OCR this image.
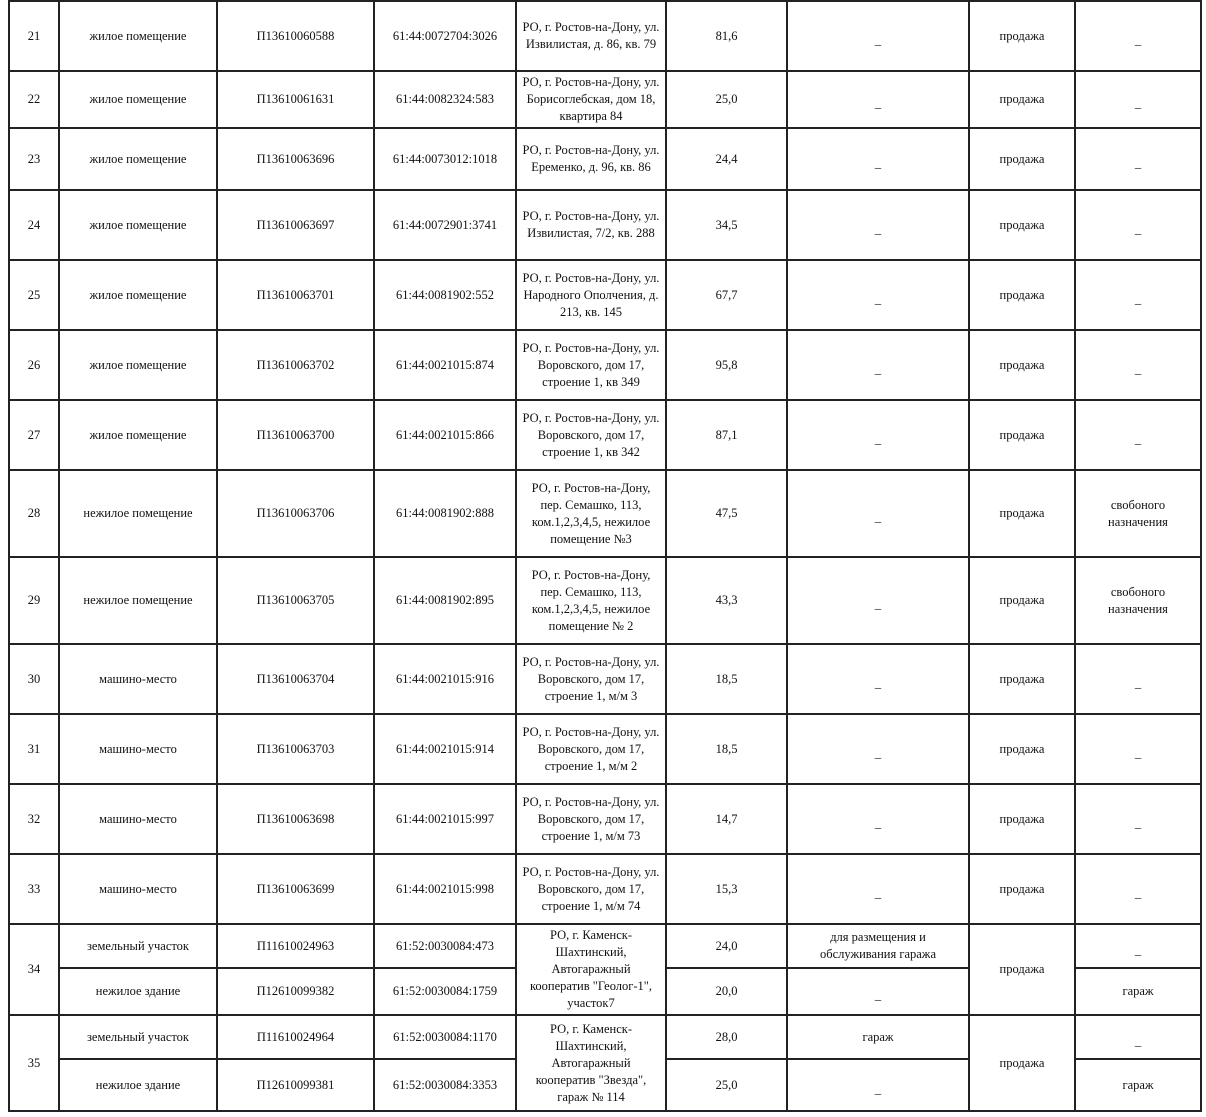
21	жилое помещение	П13610060588	61:44:0072704:3026	РО, г. Ростов-на-Дону, ул. Извилистая, д. 86, кв. 79	81,6	_	продажа	_
22	жилое помещение	П13610061631	61:44:0082324:583	РО, г. Ростов-на-Дону, ул. Борисоглебская, дом 18, квартира 84	25,0	_	продажа	_
23	жилое помещение	П13610063696	61:44:0073012:1018	РО, г. Ростов-на-Дону, ул. Еременко, д. 96, кв. 86	24,4	_	продажа	_
24	жилое помещение	П13610063697	61:44:0072901:3741	РО, г. Ростов-на-Дону, ул. Извилистая, 7/2, кв. 288	34,5	_	продажа	_
25	жилое помещение	П13610063701	61:44:0081902:552	РО, г. Ростов-на-Дону, ул. Народного Ополчения, д. 213, кв. 145	67,7	_	продажа	_
26	жилое помещение	П13610063702	61:44:0021015:874	РО, г. Ростов-на-Дону, ул. Воровского, дом 17, строение 1, кв 349	95,8	_	продажа	_
27	жилое помещение	П13610063700	61:44:0021015:866	РО, г. Ростов-на-Дону, ул. Воровского, дом 17, строение 1, кв 342	87,1	_	продажа	_
28	нежилое помещение	П13610063706	61:44:0081902:888	РО, г. Ростов-на-Дону, пер. Семашко, 113, ком.1,2,3,4,5, нежилое помещение №3	47,5	_	продажа	свобоного назначения
29	нежилое помещение	П13610063705	61:44:0081902:895	РО, г. Ростов-на-Дону, пер. Семашко, 113, ком.1,2,3,4,5, нежилое помещение № 2	43,3	_	продажа	свобоного назначения
30	машино-место	П13610063704	61:44:0021015:916	РО, г. Ростов-на-Дону, ул. Воровского, дом 17, строение 1, м/м 3	18,5	_	продажа	_
31	машино-место	П13610063703	61:44:0021015:914	РО, г. Ростов-на-Дону, ул. Воровского, дом 17, строение 1, м/м 2	18,5	_	продажа	_
32	машино-место	П13610063698	61:44:0021015:997	РО, г. Ростов-на-Дону, ул. Воровского, дом 17, строение 1, м/м 73	14,7	_	продажа	_
33	машино-место	П13610063699	61:44:0021015:998	РО, г. Ростов-на-Дону, ул. Воровского, дом 17, строение 1, м/м 74	15,3	_	продажа	_
34	земельный участок	П11610024963	61:52:0030084:473	РО, г. Каменск-Шахтинский, Автогаражный кооператив "Геолог-1", участок7	24,0	для размещения и обслуживания гаража	продажа	_
	нежилое здание	П12610099382	61:52:0030084:1759		20,0	_		гараж
35	земельный участок	П11610024964	61:52:0030084:1170	РО, г. Каменск-Шахтинский, Автогаражный кооператив "Звезда", гараж № 114	28,0	гараж	продажа	_
	нежилое здание	П12610099381	61:52:0030084:3353		25,0	_		гараж
